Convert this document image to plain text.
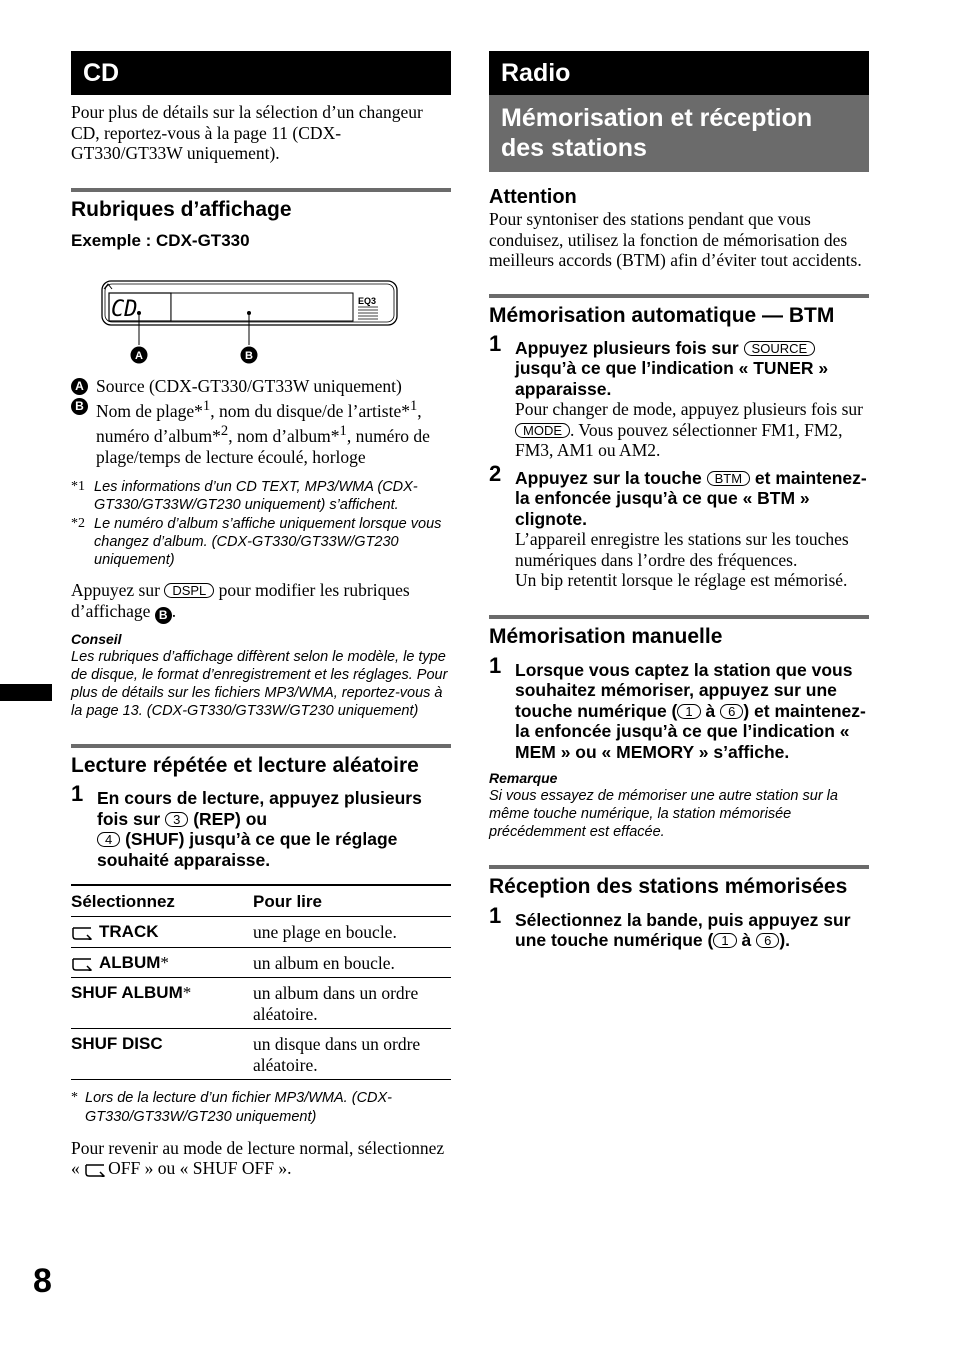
CD
Pour plus de détails sur la sélection d’un changeur CD, reportez-vous à la page 11 (CDX-GT330/GT33W uniquement).
Rubriques d’affichage
Exemple : CDX-GT330
CD	EQ3
A	B
A Source (CDX-GT330/GT33W uniquement)
B Nom de plage*$^1$, nom du disque/de l’artiste*$^1$, numéro d’album*$^2$, nom d’album*$^1$, numéro de plage/temps de lecture écoulé, horloge
*1 Les informations d’un CD TEXT, MP3/WMA (CDX-GT330/GT33W/GT230 uniquement) s’affichent.
*2 Le numéro d’album s’affiche uniquement lorsque vous changez d’album. (CDX-GT330/GT33W/GT230 uniquement)
Appuyez sur DSPL pour modifier les rubriques d’affichage B .
Conseil
Les rubriques d’affichage diffèrent selon le modèle, le type de disque, le format d’enregistrement et les réglages. Pour plus de détails sur les fichiers MP3/WMA, reportez-vous à la page 13. (CDX-GT330/GT33W/GT230 uniquement)
Lecture répétée et lecture aléatoire
1 En cours de lecture, appuyez plusieurs fois sur 3 (REP) ou
4 (SHUF) jusqu’à ce que le réglage souhaité apparaisse.
Sélectionnez	Pour lire
TRACK	une plage en boucle.
ALBUM*	un album en boucle.
SHUF ALBUM*	un album dans un ordre aléatoire.
SHUF DISC	un disque dans un ordre aléatoire.
* Lors de la lecture d’un fichier MP3/WMA. (CDX-GT330/GT33W/GT230 uniquement)
Pour revenir au mode de lecture normal, sélectionnez « OFF » ou « SHUF OFF ».
Radio
Mémorisation et réception des stations
Attention
Pour syntoniser des stations pendant que vous conduisez, utilisez la fonction de mémorisation des meilleurs accords (BTM) afin d’éviter tout accidents.
Mémorisation automatique — BTM
1 Appuyez plusieurs fois sur SOURCE jusqu’à ce que l’indication « TUNER » apparaisse.
Pour changer de mode, appuyez plusieurs fois sur MODE . Vous pouvez sélectionner FM1, FM2, FM3, AM1 ou AM2.
2 Appuyez sur la touche BTM et maintenez-la enfoncée jusqu’à ce que « BTM » clignote.
L’appareil enregistre les stations sur les touches numériques dans l’ordre des fréquences.
Un bip retentit lorsque le réglage est mémorisé.
Mémorisation manuelle
1 Lorsque vous captez la station que vous souhaitez mémoriser, appuyez sur une touche numérique ( 1 à 6 ) et maintenez-la enfoncée jusqu’à ce que l’indication « MEM » ou « MEMORY » s’affiche.
Remarque
Si vous essayez de mémoriser une autre station sur la même touche numérique, la station mémorisée précédemment est effacée.
Réception des stations mémorisées
1 Sélectionnez la bande, puis appuyez sur une touche numérique ( 1 à 6 ).
8
